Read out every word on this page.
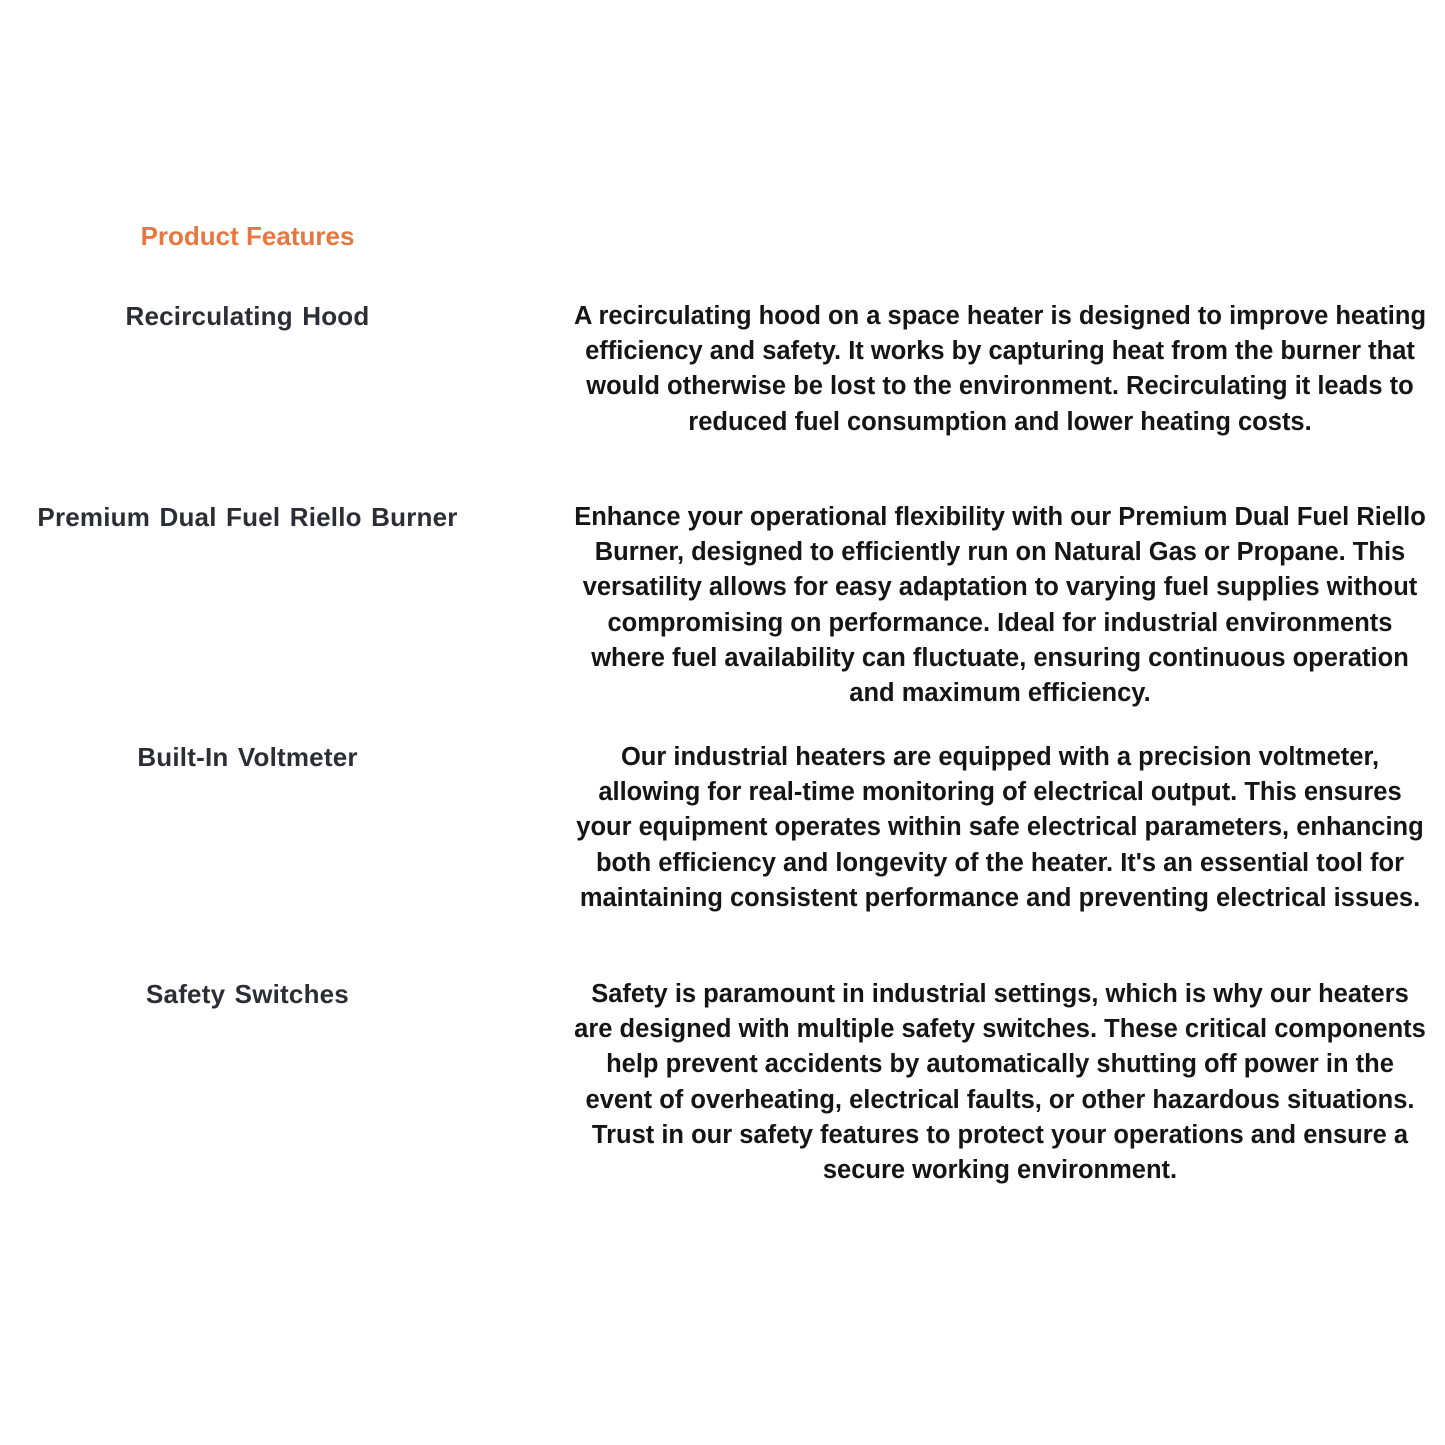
Product Features
Recirculating Hood	A recirculating hood on a space heater is designed to improve heating efficiency and safety. It works by capturing heat from the burner that would otherwise be lost to the environment. Recirculating it leads to reduced fuel consumption and lower heating costs.

Premium Dual Fuel Riello Burner	Enhance your operational flexibility with our Premium Dual Fuel Riello Burner, designed to efficiently run on Natural Gas or Propane. This versatility allows for easy adaptation to varying fuel supplies without compromising on performance. Ideal for industrial environments where fuel availability can fluctuate, ensuring continuous operation and maximum efficiency.

Built-In Voltmeter	Our industrial heaters are equipped with a precision voltmeter, allowing for real-time monitoring of electrical output. This ensures your equipment operates within safe electrical parameters, enhancing both efficiency and longevity of the heater. It's an essential tool for maintaining consistent performance and preventing electrical issues.

Safety Switches	Safety is paramount in industrial settings, which is why our heaters are designed with multiple safety switches. These critical components help prevent accidents by automatically shutting off power in the event of overheating, electrical faults, or other hazardous situations. Trust in our safety features to protect your operations and ensure a secure working environment.
